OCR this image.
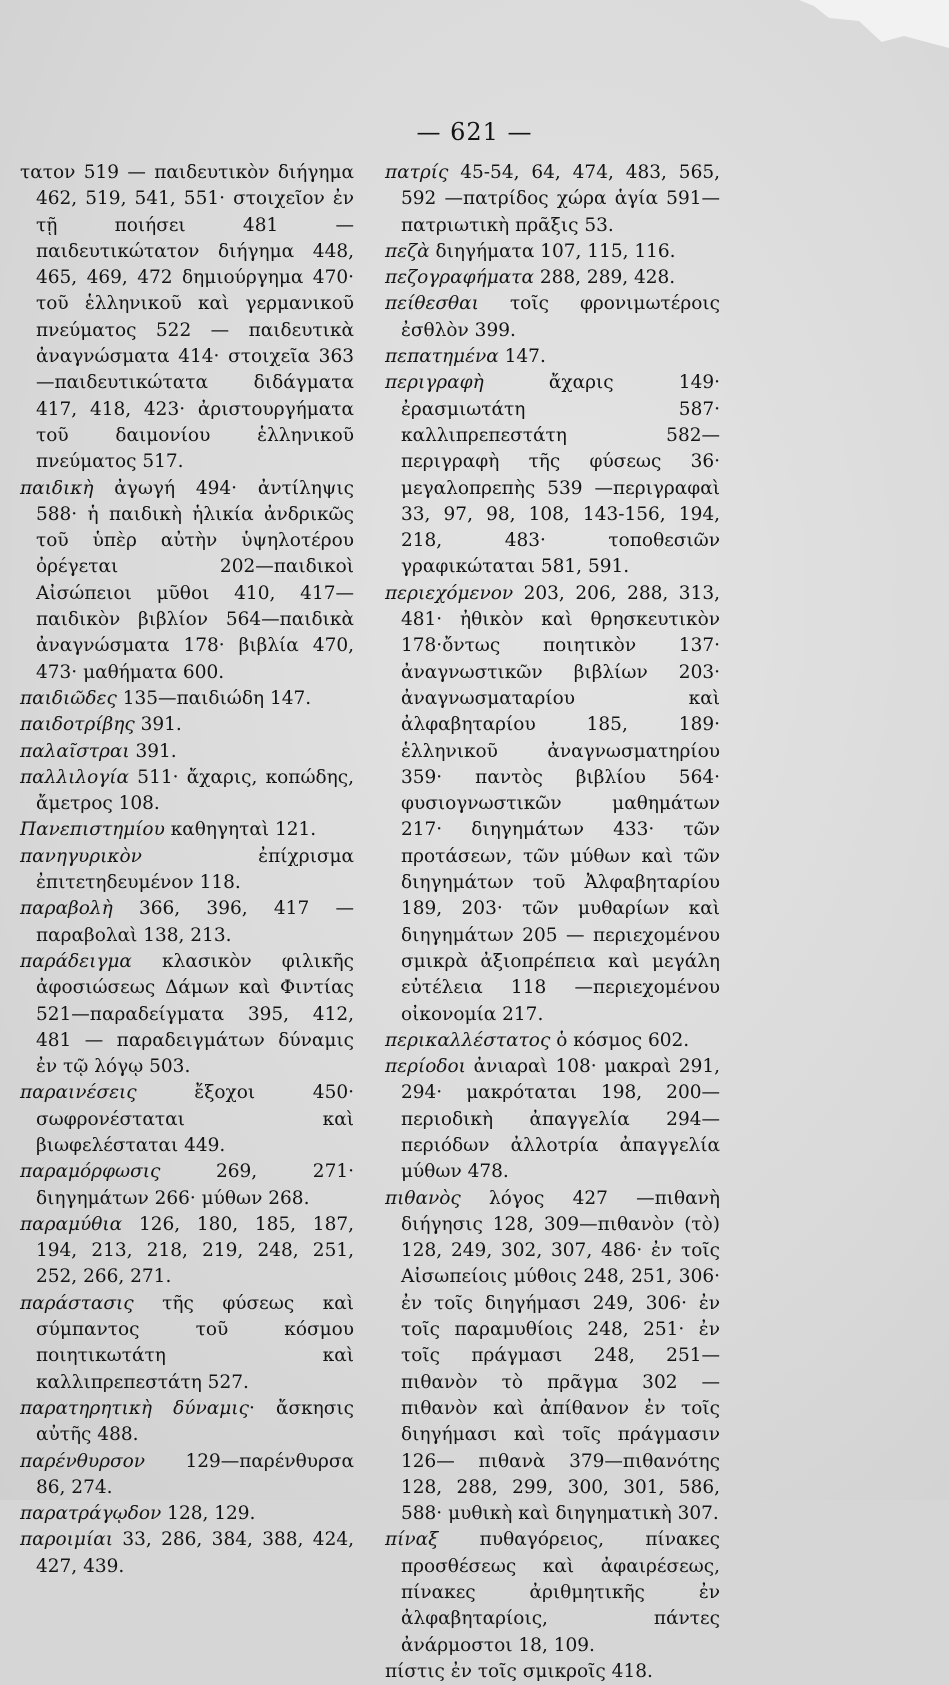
— 621 —

τατον 519 — παιδευτικὸν διήγημα 462, 519, 541, 551· στοιχεῖον ἐν τῇ ποιήσει 481 — παιδευτικώτατον διήγημα 448, 465, 469, 472 δημιούργημα 470· τοῦ ἑλληνικοῦ καὶ γερμανικοῦ πνεύματος 522 — παιδευτικὰ ἀναγνώσματα 414· στοιχεῖα 363 —παιδευτικώτατα διδάγματα 417, 418, 423· ἀριστουργήματα τοῦ δαιμονίου ἑλληνικοῦ πνεύματος 517.

παιδικὴ ἀγωγή 494· ἀντίληψις 588· ἡ παιδικὴ ἡλικία ἀνδρικῶς τοῦ ὑπὲρ αὐτὴν ὑψηλοτέρου ὀρέγεται 202—παιδικοὶ Αἰσώπειοι μῦθοι 410, 417—παιδικὸν βιβλίον 564—παιδικὰ ἀναγνώσματα 178· βιβλία 470, 473· μαθήματα 600.

παιδιῶδες 135—παιδιώδη 147.

παιδοτρίβης 391.

παλαῖστραι 391.

παλλιλογία 511· ἄχαρις, κοπώδης, ἄμετρος 108.

Πανεπιστημίου καθηγηταὶ 121.

πανηγυρικὸν ἐπίχρισμα ἐπιτετηδευμένον 118.

παραβολὴ 366, 396, 417 —παραβολαὶ 138, 213.

παράδειγμα κλασικὸν φιλικῆς ἀφοσιώσεως Δάμων καὶ Φιντίας 521—παραδείγματα 395, 412, 481 — παραδειγμάτων δύναμις ἐν τῷ λόγῳ 503.

παραινέσεις ἔξοχοι 450· σωφρονέσταται καὶ βιωφελέσταται 449.

παραμόρφωσις 269, 271· διηγημάτων 266· μύθων 268.

παραμύθια 126, 180, 185, 187, 194, 213, 218, 219, 248, 251, 252, 266, 271.

παράστασις τῆς φύσεως καὶ σύμπαντος τοῦ κόσμου ποιητικωτάτη καὶ καλλιπρεπεστάτη 527.

παρατηρητικὴ δύναμις· ἄσκησις αὐτῆς 488.

παρένθυρσον 129—παρένθυρσα 86, 274.

παρατράγῳδον 128, 129.

παροιμίαι 33, 286, 384, 388, 424, 427, 439.

πατρίς 45-54, 64, 474, 483, 565, 592 —πατρίδος χώρα ἁγία 591—πατριωτικὴ πρᾶξις 53.

πεζὰ διηγήματα 107, 115, 116.

πεζογραφήματα 288, 289, 428.

πείθεσθαι τοῖς φρονιμωτέροις ἐσθλὸν 399.

πεπατημένα 147.

περιγραφὴ ἄχαρις 149· ἐρασμιωτάτη 587· καλλιπρεπεστάτη 582—περιγραφὴ τῆς φύσεως 36· μεγαλοπρεπὴς 539 —περιγραφαὶ 33, 97, 98, 108, 143-156, 194, 218, 483· τοποθεσιῶν γραφικώταται 581, 591.

περιεχόμενον 203, 206, 288, 313, 481· ἠθικὸν καὶ θρησκευτικὸν 178·ὄντως ποιητικὸν 137· ἀναγνωστικῶν βιβλίων 203· ἀναγνωσματαρίου καὶ ἀλφαβηταρίου 185, 189· ἑλληνικοῦ ἀναγνωσματηρίου 359· παντὸς βιβλίου 564· φυσιογνωστικῶν μαθημάτων 217· διηγημάτων 433· τῶν προτάσεων, τῶν μύθων καὶ τῶν διηγημάτων τοῦ Ἀλφαβηταρίου 189, 203· τῶν μυθαρίων καὶ διηγημάτων 205 — περιεχομένου σμικρὰ ἀξιοπρέπεια καὶ μεγάλη εὐτέλεια 118 —περιεχομένου οἰκονομία 217.

περικαλλέστατος ὁ κόσμος 602.

περίοδοι ἀνιαραὶ 108· μακραὶ 291, 294· μακρόταται 198, 200—περιοδικὴ ἀπαγγελία 294—περιόδων ἀλλοτρία ἀπαγγελία μύθων 478.

πιθανὸς λόγος 427 —πιθανὴ διήγησις 128, 309—πιθανὸν (τὸ) 128, 249, 302, 307, 486· ἐν τοῖς Αἰσωπείοις μύθοις 248, 251, 306· ἐν τοῖς διηγήμασι 249, 306· ἐν τοῖς παραμυθίοις 248, 251· ἐν τοῖς πράγμασι 248, 251—πιθανὸν τὸ πρᾶγμα 302 —πιθανὸν καὶ ἀπίθανον ἐν τοῖς διηγήμασι καὶ τοῖς πράγμασιν 126— πιθανὰ 379—πιθανότης 128, 288, 299, 300, 301, 586, 588· μυθικὴ καὶ διηγηματικὴ 307.

πίναξ πυθαγόρειος, πίνακες προσθέσεως καὶ ἀφαιρέσεως, πίνακες ἀριθμητικῆς ἐν ἀλφαβηταρίοις, πάντες ἀνάρμοστοι 18, 109.

πίστις ἐν τοῖς σμικροῖς 418.
